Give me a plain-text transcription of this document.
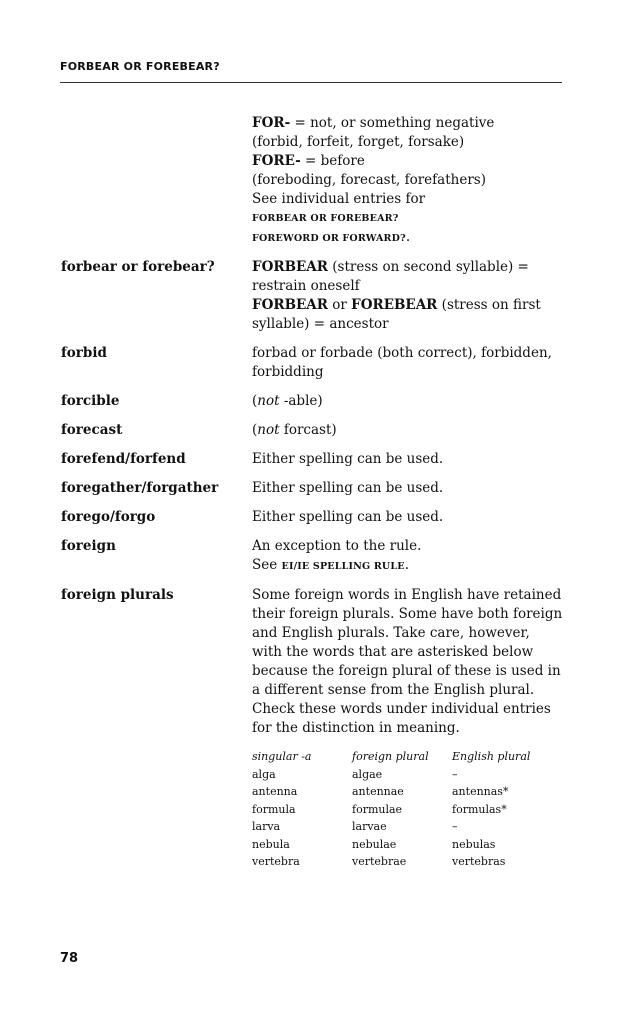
FORBEAR OR FOREBEAR?
FOR- = not, or something negative
(forbid, forfeit, forget, forsake)
FORE- = before
(foreboding, forecast, forefathers)
See individual entries for
FORBEAR OR FOREBEAR?
FOREWORD OR FORWARD?.
forbear or forebear?	FORBEAR (stress on second syllable) = restrain oneself
FORBEAR or FOREBEAR (stress on first syllable) = ancestor
forbid	forbad or forbade (both correct), forbidden, forbidding
forcible	(not -able)
forecast	(not forcast)
forefend/forfend	Either spelling can be used.
foregather/forgather	Either spelling can be used.
forego/forgo	Either spelling can be used.
foreign	An exception to the rule.
See EI/IE SPELLING RULE.
foreign plurals	Some foreign words in English have retained their foreign plurals. Some have both foreign and English plurals. Take care, however, with the words that are asterisked below because the foreign plural of these is used in a different sense from the English plural. Check these words under individual entries for the distinction in meaning.
singular -a	foreign plural	English plural
alga	algae	–
antenna	antennae	antennas*
formula	formulae	formulas*
larva	larvae	–
nebula	nebulae	nebulas
vertebra	vertebrae	vertebras
78
